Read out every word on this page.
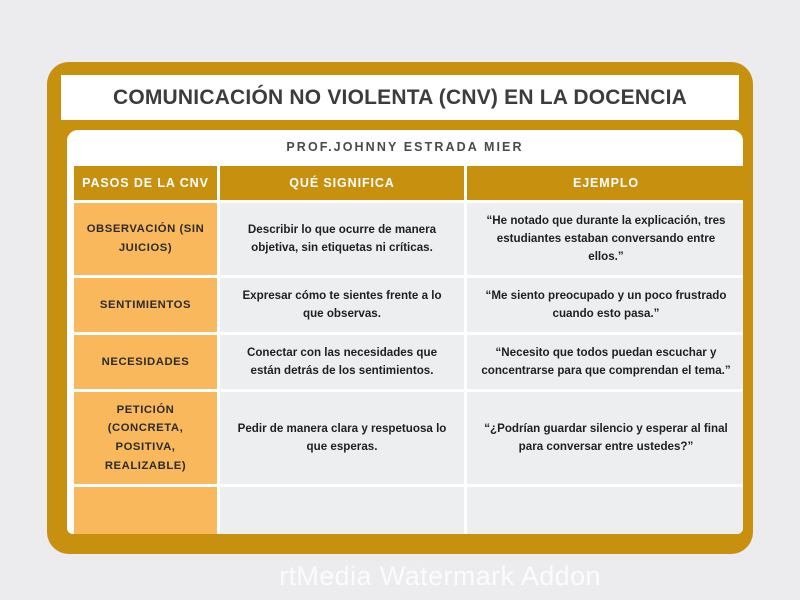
COMUNICACIÓN NO VIOLENTA (CNV) EN LA DOCENCIA
PROF.JOHNNY ESTRADA MIER
PASOS DE LA CNV	QUÉ SIGNIFICA	EJEMPLO
OBSERVACIÓN (SIN JUICIOS)	Describir lo que ocurre de manera objetiva, sin etiquetas ni críticas.	“He notado que durante la explicación, tres estudiantes estaban conversando entre ellos.”
SENTIMIENTOS	Expresar cómo te sientes frente a lo que observas.	“Me siento preocupado y un poco frustrado cuando esto pasa.”
NECESIDADES	Conectar con las necesidades que están detrás de los sentimientos.	“Necesito que todos puedan escuchar y concentrarse para que comprendan el tema.”
PETICIÓN (CONCRETA, POSITIVA, REALIZABLE)	Pedir de manera clara y respetuosa lo que esperas.	“¿Podrían guardar silencio y esperar al final para conversar entre ustedes?”

rtMedia Watermark Addon
